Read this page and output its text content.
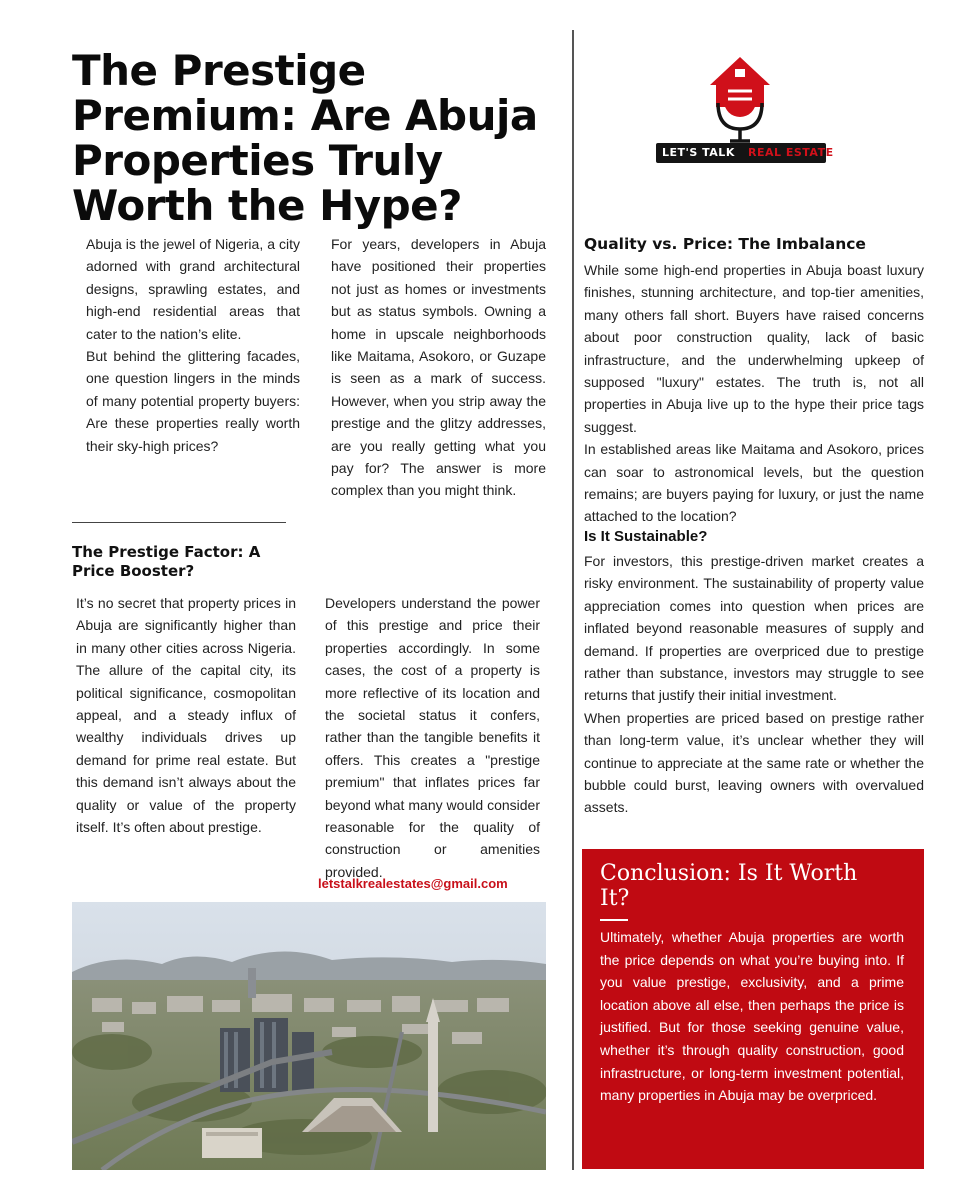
The Prestige Premium: Are Abuja Properties Truly Worth the Hype?
LET'S TALK REAL ESTATE

Abuja is the jewel of Nigeria, a city adorned with grand architectural designs, sprawling estates, and high-end residential areas that cater to the nation’s elite.

But behind the glittering facades, one question lingers in the minds of many potential property buyers: Are these properties really worth their sky-high prices?

For years, developers in Abuja have positioned their properties not just as homes or investments but as status symbols. Owning a home in upscale neighborhoods like Maitama, Asokoro, or Guzape is seen as a mark of success. However, when you strip away the prestige and the glitzy addresses, are you really getting what you pay for? The answer is more complex than you might think.

The Prestige Factor: A Price Booster?

It’s no secret that property prices in Abuja are significantly higher than in many other cities across Nigeria. The allure of the capital city, its political significance, cosmopolitan appeal, and a steady influx of wealthy individuals drives up demand for prime real estate. But this demand isn’t always about the quality or value of the property itself. It’s often about prestige.

Developers understand the power of this prestige and price their properties accordingly. In some cases, the cost of a property is more reflective of its location and the societal status it confers, rather than the tangible benefits it offers. This creates a "prestige premium" that inflates prices far beyond what many would consider reasonable for the quality of construction or amenities provided.

Quality vs. Price: The Imbalance

While some high-end properties in Abuja boast luxury finishes, stunning architecture, and top-tier amenities, many others fall short. Buyers have raised concerns about poor construction quality, lack of basic infrastructure, and the underwhelming upkeep of supposed "luxury" estates. The truth is, not all properties in Abuja live up to the hype their price tags suggest.

In established areas like Maitama and Asokoro, prices can soar to astronomical levels, but the question remains; are buyers paying for luxury, or just the name attached to the location?

Is It Sustainable?

For investors, this prestige-driven market creates a risky environment. The sustainability of property value appreciation comes into question when prices are inflated beyond reasonable measures of supply and demand. If properties are overpriced due to prestige rather than substance, investors may struggle to see returns that justify their initial investment.

When properties are priced based on prestige rather than long-term value, it’s unclear whether they will continue to appreciate at the same rate or whether the bubble could burst, leaving owners with overvalued assets.

Conclusion: Is It Worth It?

Ultimately, whether Abuja properties are worth the price depends on what you’re buying into. If you value prestige, exclusivity, and a prime location above all else, then perhaps the price is justified. But for those seeking genuine value, whether it’s through quality construction, good infrastructure, or long-term investment potential, many properties in Abuja may be overpriced.

letstalkrealestates@gmail.com
